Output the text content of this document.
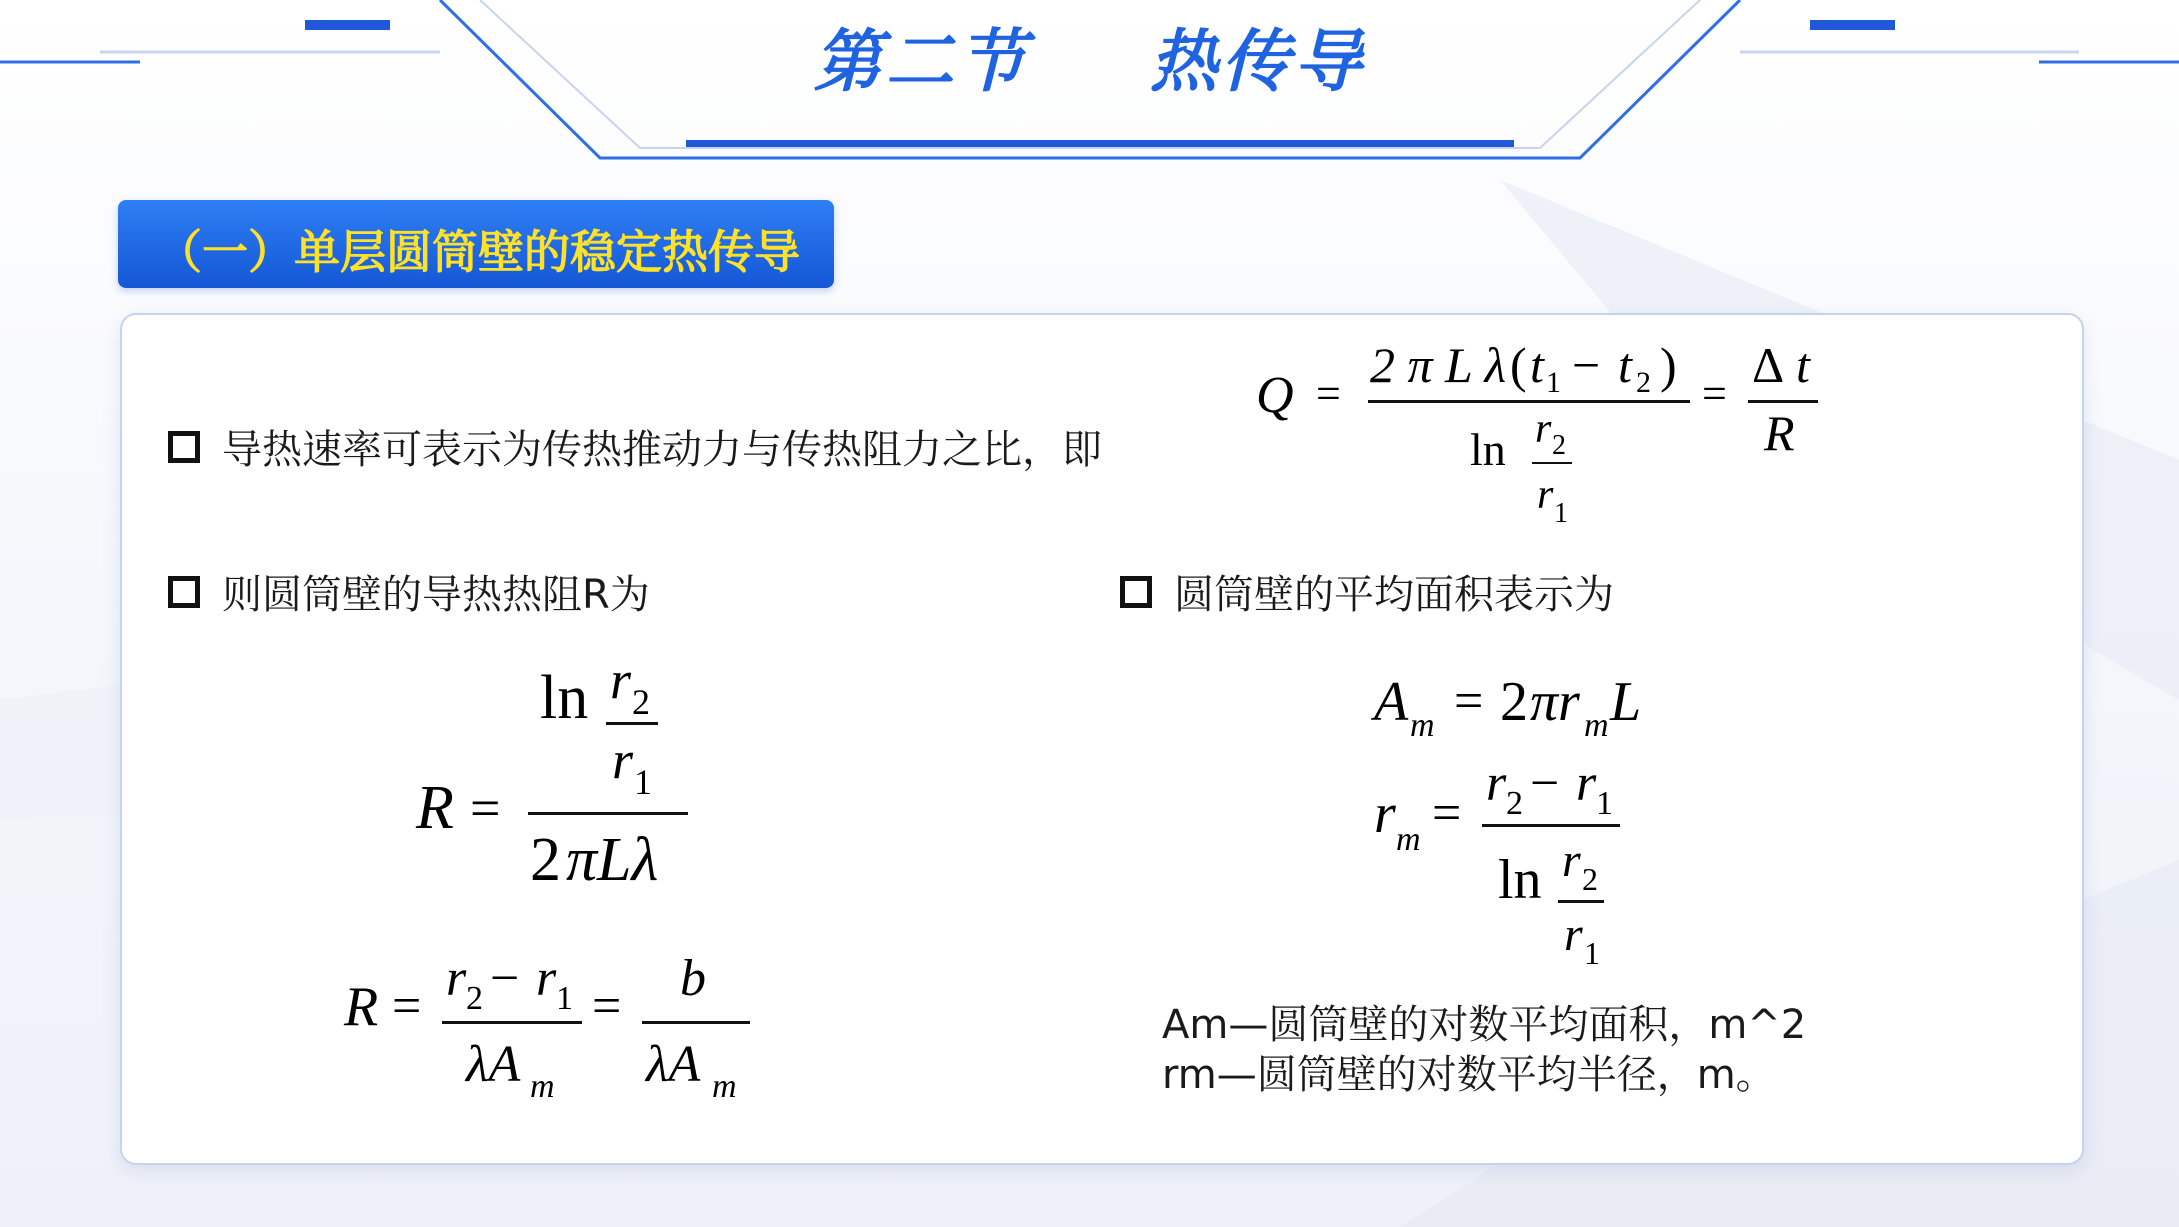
第二节 热传导
（一）单层圆筒壁的稳定热传导
导热速率可表示为传热推动力与传热阻力之比，即
Q =
2 π L λ ( t 1 − t 2 )
ln r 2
r 1
=
Δ t
R
则圆筒壁的导热热阻R为	圆筒壁的平均面积表示为
ln r 2
r 1
R =
2 πLλ
R = r 2 − r 1
λA m
= b
λA m
A m = 2 πr m L
r m =
r 2 − r 1
ln r 2
r 1
Am—圆筒壁的对数平均面积，m^2
rm—圆筒壁的对数平均半径，m。
